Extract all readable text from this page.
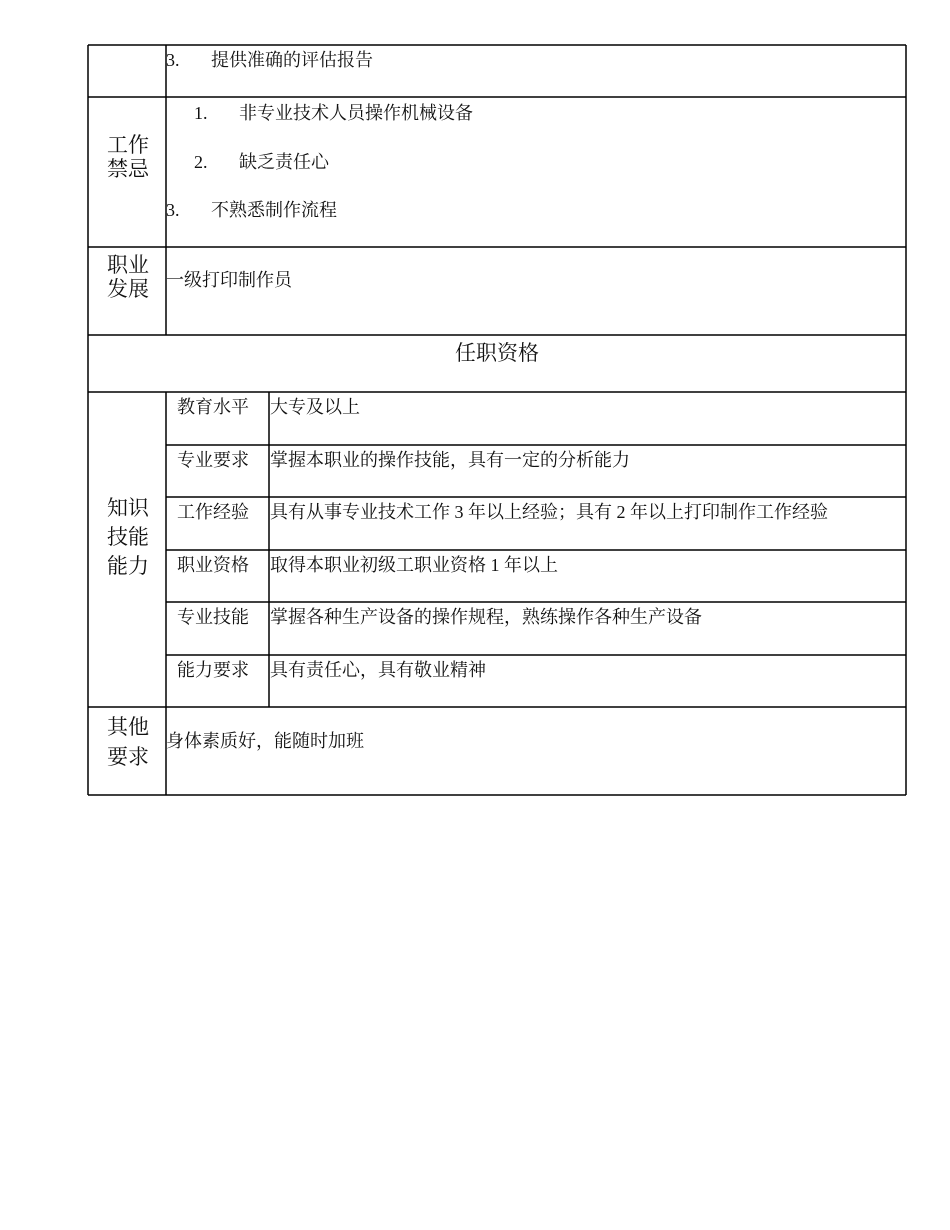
3.       提供准确的评估报告
工作
禁忌
1.       非专业技术人员操作机械设备
2.       缺乏责任心
3.       不熟悉制作流程
职业
发展 一级打印制作员
任职资格
知识
技能
能力
教育水平 大专及以上
专业要求 掌握本职业的操作技能，具有一定的分析能力
工作经验 具有从事专业技术工作 3 年以上经验；具有 2 年以上打印制作工作经验
职业资格 取得本职业初级工职业资格 1 年以上
专业技能 掌握各种生产设备的操作规程，熟练操作各种生产设备
能力要求 具有责任心，具有敬业精神
其他
要求
身体素质好，能随时加班
